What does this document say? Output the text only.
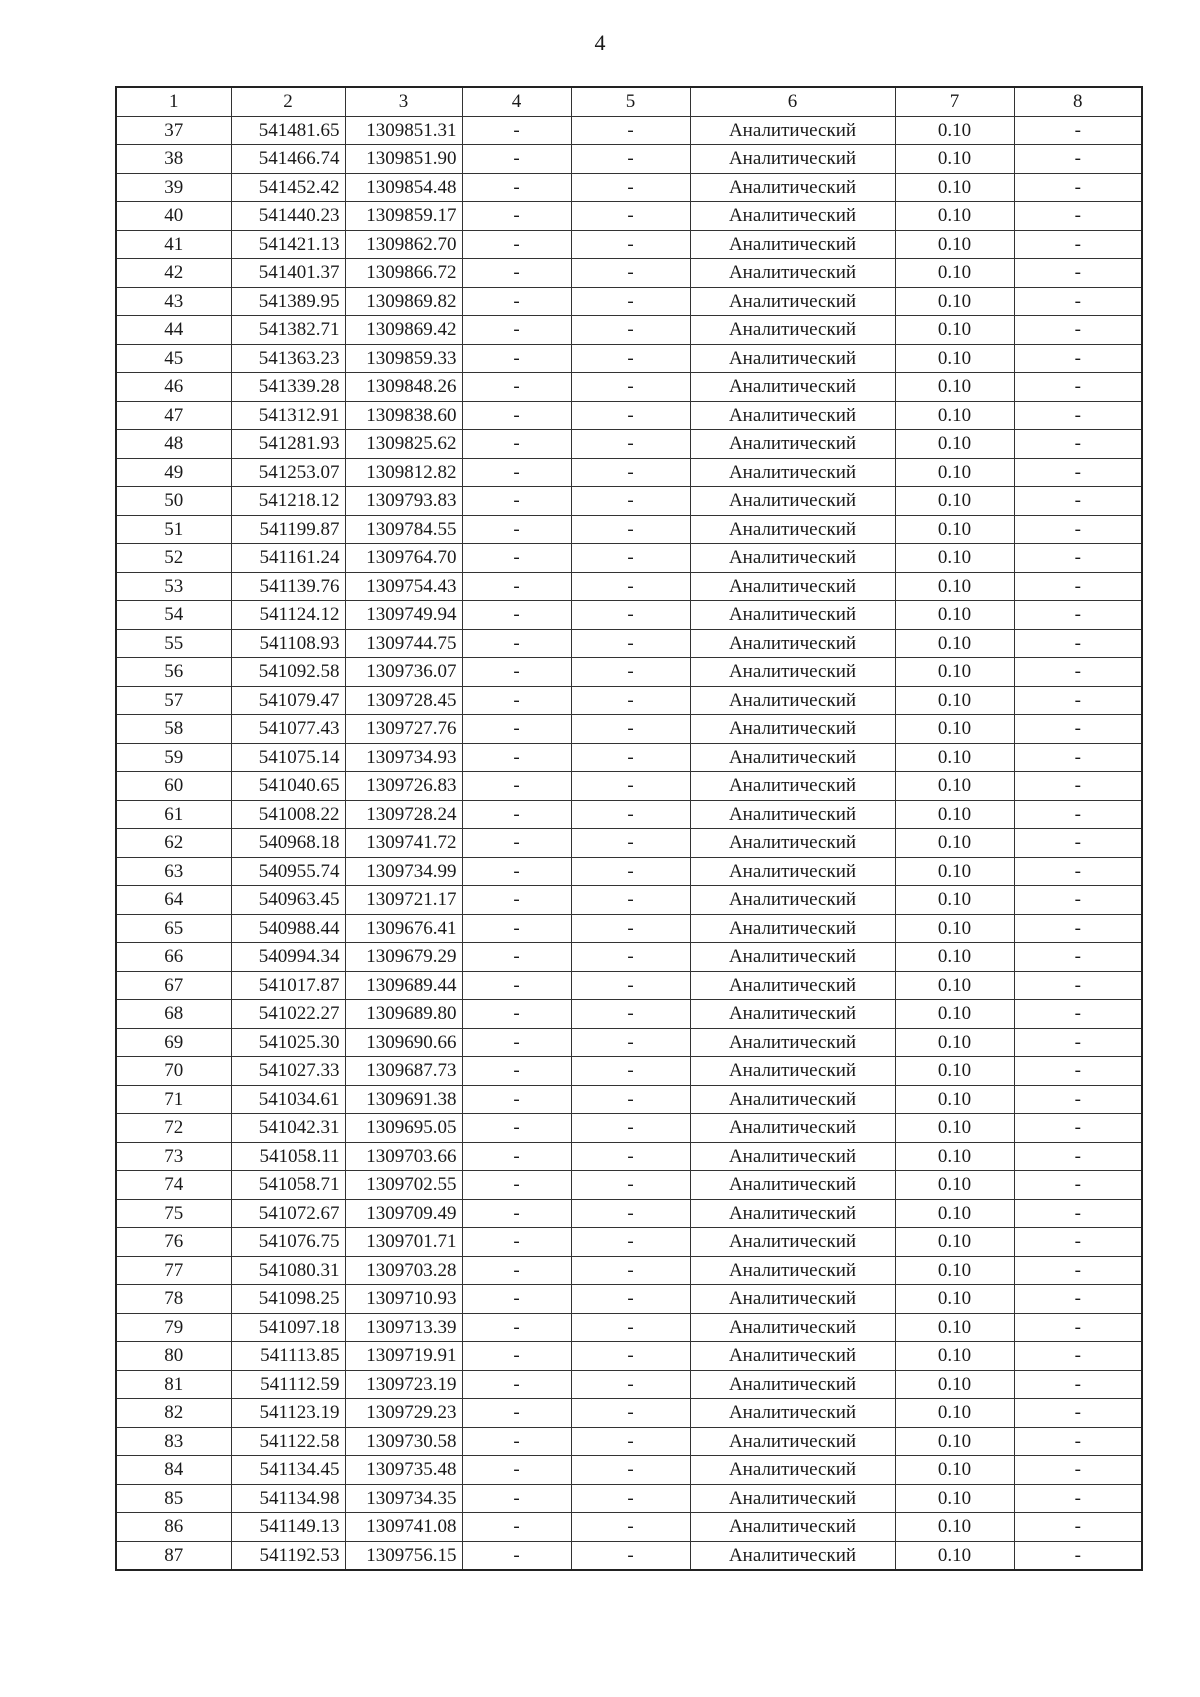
4
1	2	3	4	5	6	7	8
37	541481.65	1309851.31	-	-	Аналитический	0.10	-
38	541466.74	1309851.90	-	-	Аналитический	0.10	-
39	541452.42	1309854.48	-	-	Аналитический	0.10	-
40	541440.23	1309859.17	-	-	Аналитический	0.10	-
41	541421.13	1309862.70	-	-	Аналитический	0.10	-
42	541401.37	1309866.72	-	-	Аналитический	0.10	-
43	541389.95	1309869.82	-	-	Аналитический	0.10	-
44	541382.71	1309869.42	-	-	Аналитический	0.10	-
45	541363.23	1309859.33	-	-	Аналитический	0.10	-
46	541339.28	1309848.26	-	-	Аналитический	0.10	-
47	541312.91	1309838.60	-	-	Аналитический	0.10	-
48	541281.93	1309825.62	-	-	Аналитический	0.10	-
49	541253.07	1309812.82	-	-	Аналитический	0.10	-
50	541218.12	1309793.83	-	-	Аналитический	0.10	-
51	541199.87	1309784.55	-	-	Аналитический	0.10	-
52	541161.24	1309764.70	-	-	Аналитический	0.10	-
53	541139.76	1309754.43	-	-	Аналитический	0.10	-
54	541124.12	1309749.94	-	-	Аналитический	0.10	-
55	541108.93	1309744.75	-	-	Аналитический	0.10	-
56	541092.58	1309736.07	-	-	Аналитический	0.10	-
57	541079.47	1309728.45	-	-	Аналитический	0.10	-
58	541077.43	1309727.76	-	-	Аналитический	0.10	-
59	541075.14	1309734.93	-	-	Аналитический	0.10	-
60	541040.65	1309726.83	-	-	Аналитический	0.10	-
61	541008.22	1309728.24	-	-	Аналитический	0.10	-
62	540968.18	1309741.72	-	-	Аналитический	0.10	-
63	540955.74	1309734.99	-	-	Аналитический	0.10	-
64	540963.45	1309721.17	-	-	Аналитический	0.10	-
65	540988.44	1309676.41	-	-	Аналитический	0.10	-
66	540994.34	1309679.29	-	-	Аналитический	0.10	-
67	541017.87	1309689.44	-	-	Аналитический	0.10	-
68	541022.27	1309689.80	-	-	Аналитический	0.10	-
69	541025.30	1309690.66	-	-	Аналитический	0.10	-
70	541027.33	1309687.73	-	-	Аналитический	0.10	-
71	541034.61	1309691.38	-	-	Аналитический	0.10	-
72	541042.31	1309695.05	-	-	Аналитический	0.10	-
73	541058.11	1309703.66	-	-	Аналитический	0.10	-
74	541058.71	1309702.55	-	-	Аналитический	0.10	-
75	541072.67	1309709.49	-	-	Аналитический	0.10	-
76	541076.75	1309701.71	-	-	Аналитический	0.10	-
77	541080.31	1309703.28	-	-	Аналитический	0.10	-
78	541098.25	1309710.93	-	-	Аналитический	0.10	-
79	541097.18	1309713.39	-	-	Аналитический	0.10	-
80	541113.85	1309719.91	-	-	Аналитический	0.10	-
81	541112.59	1309723.19	-	-	Аналитический	0.10	-
82	541123.19	1309729.23	-	-	Аналитический	0.10	-
83	541122.58	1309730.58	-	-	Аналитический	0.10	-
84	541134.45	1309735.48	-	-	Аналитический	0.10	-
85	541134.98	1309734.35	-	-	Аналитический	0.10	-
86	541149.13	1309741.08	-	-	Аналитический	0.10	-
87	541192.53	1309756.15	-	-	Аналитический	0.10	-
